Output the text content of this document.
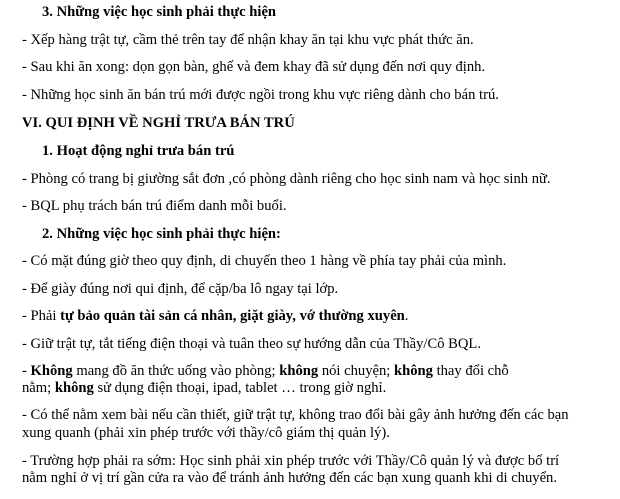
3. Những việc học sinh phải thực hiện
- Xếp hàng trật tự, cầm thẻ trên tay để nhận khay ăn tại khu vực phát thức ăn.
- Sau khi ăn xong: dọn gọn bàn, ghế và đem khay đã sử dụng đến nơi quy định.
- Những học sinh ăn bán trú mới được ngồi trong khu vực riêng dành cho bán trú.
VI. QUI ĐỊNH VỀ NGHỈ TRƯA BÁN TRÚ
1. Hoạt động nghỉ trưa bán trú
- Phòng có trang bị giường sắt đơn ,có phòng dành riêng cho học sinh nam và học sinh nữ.
- BQL phụ trách bán trú điểm danh mỗi buổi.
2. Những việc học sinh phải thực hiện:
- Có mặt đúng giờ theo quy định, di chuyển theo 1 hàng về phía tay phải của mình.
- Để giày đúng nơi qui định, để cặp/ba lô ngay tại lớp.
- Phải tự bảo quản tài sản cá nhân, giặt giày, vớ thường xuyên.
- Giữ trật tự, tắt tiếng điện thoại và tuân theo sự hướng dẫn của Thầy/Cô BQL.
- Không mang đồ ăn thức uống vào phòng; không nói chuyện; không thay đổi chỗ
nằm; không sử dụng điện thoại, ipad, tablet … trong giờ nghỉ.
- Có thể nằm xem bài nếu cần thiết, giữ trật tự, không trao đổi bài gây ảnh hưởng đến các bạn
xung quanh (phải xin phép trước với thầy/cô giám thị quản lý).
- Trường hợp phải ra sớm: Học sinh phải xin phép trước với Thầy/Cô quản lý và được bố trí
nằm nghỉ ở vị trí gần cửa ra vào để tránh ảnh hưởng đến các bạn xung quanh khi di chuyển.
